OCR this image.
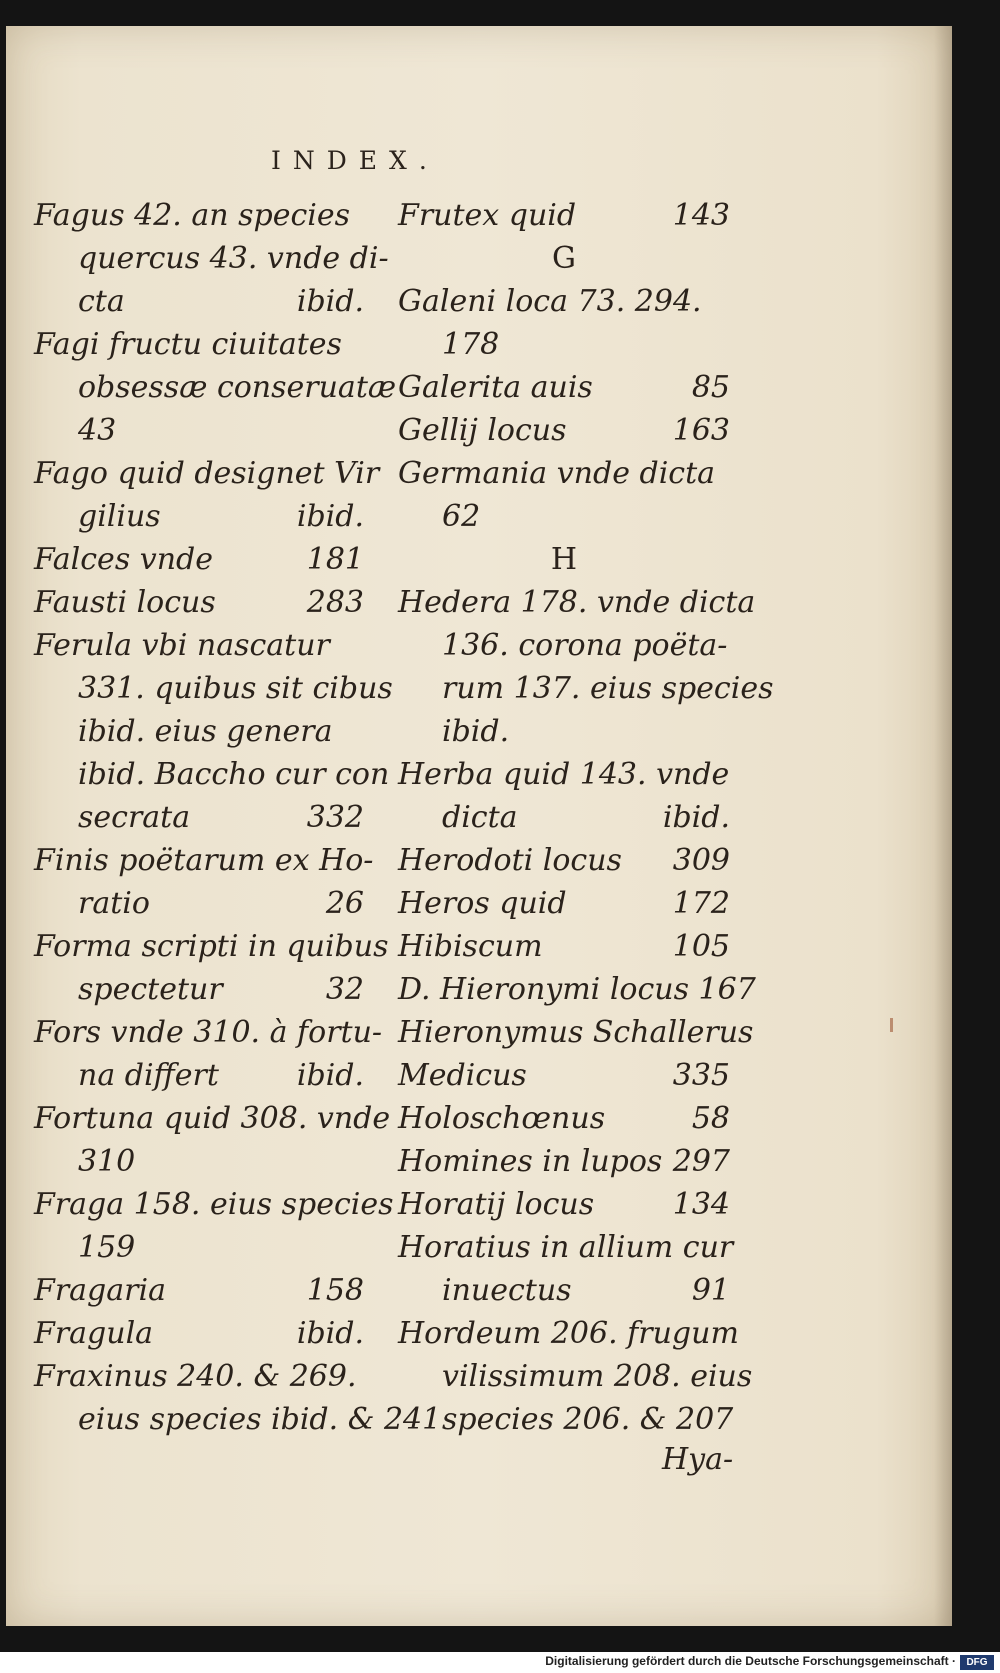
INDEX.
Fagus 42. an species
quercus 43. vnde di-
cta	ibid.
Fagi fructu ciuitates
obsessæ conseruatæ
43
Fago quid designet Vir
gilius	ibid.
Falces vnde	181
Fausti locus	283
Ferula vbi nascatur
331. quibus sit cibus
ibid. eius genera
ibid. Baccho cur con
secrata	332
Finis poëtarum ex Ho-
ratio	26
Forma scripti in quibus
spectetur	32
Fors vnde 310. à fortu-
na differt	ibid.
Fortuna quid 308. vnde
310
Fraga 158. eius species
159
Fragaria	158
Fragula	ibid.
Fraxinus 240. & 269.
eius species ibid. & 241
Frutex quid	143
G
Galeni loca 73. 294.
178
Galerita auis	85
Gellij locus	163
Germania vnde dicta
62
H
Hedera 178. vnde dicta
136. corona poëta-
rum 137. eius species
ibid.
Herba quid 143. vnde
dicta	ibid.
Herodoti locus 309
Heros quid	172
Hibiscum	105
D. Hieronymi locus 167
Hieronymus Schallerus
Medicus	335
Holoschœnus	58
Homines in lupos 297
Horatij locus	134
Horatius in allium cur
inuectus	91
Hordeum 206. frugum
vilissimum 208. eius
species 206. & 207
Hya-
Digitalisierung gefördert durch die Deutsche Forschungsgemeinschaft ·	DFG
